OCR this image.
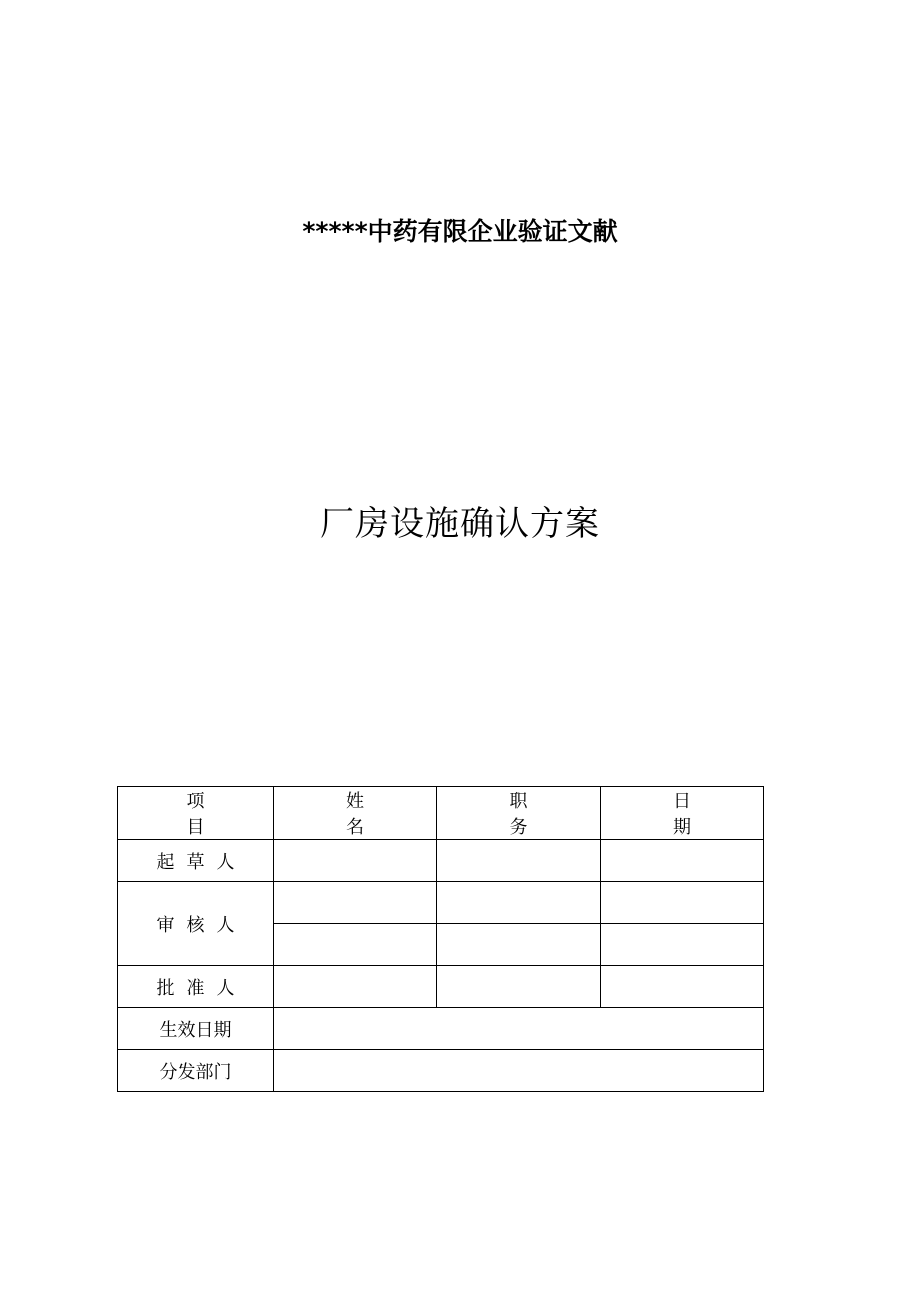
*****中药有限企业验证文献
厂房设施确认方案
项 目	姓 名	职 务	日 期
起草人			
审核人			

批准人			
生效日期			
分发部门			
